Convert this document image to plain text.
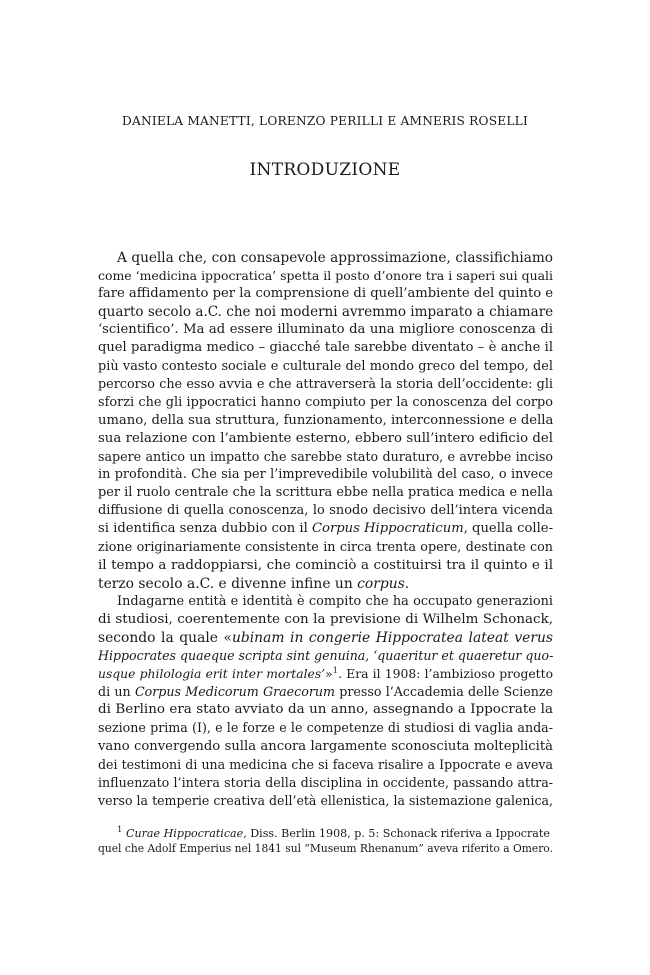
DANIELA MANETTI, LORENZO PERILLI E AMNERIS ROSELLI
INTRODUZIONE
A quella che, con consapevole approssimazione, classifichiamo
come ‘medicina ippocratica’ spetta il posto d’onore tra i saperi sui quali
fare affidamento per la comprensione di quell’ambiente del quinto e
quarto secolo a.C. che noi moderni avremmo imparato a chiamare
‘scientifico’. Ma ad essere illuminato da una migliore conoscenza di
quel paradigma medico – giacché tale sarebbe diventato – è anche il
più vasto contesto sociale e culturale del mondo greco del tempo, del
percorso che esso avvia e che attraverserà la storia dell’occidente: gli
sforzi che gli ippocratici hanno compiuto per la conoscenza del corpo
umano, della sua struttura, funzionamento, interconnessione e della
sua relazione con l’ambiente esterno, ebbero sull’intero edificio del
sapere antico un impatto che sarebbe stato duraturo, e avrebbe inciso
in profondità. Che sia per l’imprevedibile volubilità del caso, o invece
per il ruolo centrale che la scrittura ebbe nella pratica medica e nella
diffusione di quella conoscenza, lo snodo decisivo dell’intera vicenda
si identifica senza dubbio con il Corpus Hippocraticum, quella colle-
zione originariamente consistente in circa trenta opere, destinate con
il tempo a raddoppiarsi, che cominciò a costituirsi tra il quinto e il
terzo secolo a.C. e divenne infine un corpus.
Indagarne entità e identità è compito che ha occupato generazioni
di studiosi, coerentemente con la previsione di Wilhelm Schonack,
secondo la quale «ubinam in congerie Hippocratea lateat verus
Hippocrates quaeque scripta sint genuina, ‘quaeritur et quaeretur quo-
usque philologia erit inter mortales’»$^1$. Era il 1908: l’ambizioso progetto
di un Corpus Medicorum Graecorum presso l’Accademia delle Scienze
di Berlino era stato avviato da un anno, assegnando a Ippocrate la
sezione prima (I), e le forze e le competenze di studiosi di vaglia anda-
vano convergendo sulla ancora largamente sconosciuta molteplicità
dei testimoni di una medicina che si faceva risalire a Ippocrate e aveva
influenzato l’intera storia della disciplina in occidente, passando attra-
verso la temperie creativa dell’età ellenistica, la sistemazione galenica,
$^1$ Curae Hippocraticae, Diss. Berlin 1908, p. 5: Schonack riferiva a Ippocrate
quel che Adolf Emperius nel 1841 sul “Museum Rhenanum” aveva riferito a Omero.
